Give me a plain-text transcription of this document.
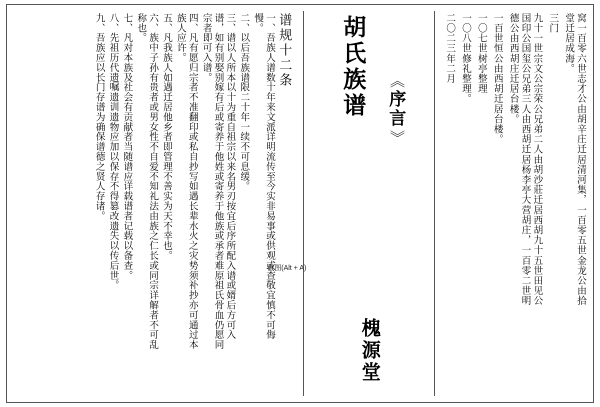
窝一百零六世志才公由胡辛庄迁居清河集，一百零五世金龙公由拾堂迁居成海。
三门
九十一世宗文公宗荣公兄弟二人由胡沙莊迁居西胡九十五世田见公国印公国玺公兄弟三人由西胡迁居杨李亭大营胡庄，一百零二世明德公由西胡庄迁居台楼。
一百世恒公由西胡迁居台楼。
一〇七世树亭整理
一〇八世修礼整理。
二〇二三年二月
胡氏族谱 《
序言
》
槐源堂
截图(Alt + A)
谱规十二条
一、吾族人谱数十年来文派详明流传至今实非易事或供观或查敬宜慎不可侮慢。
二、以后吾族谱限二十年一续不可息缓。
三、谱以人所本以十为重自祖宗以来名男刃按宜后序所配入谱或婿后方可入谱，如有别娶别嫁有后或寄养于他姓或寄养于他族或承者难原祖氏骨血仍愿同宗者即可入谱。
四、凡有愿归宗者不准翻印或私自抄写如遇长辈水火之灾势须补抄亦可通过本族人应许。
五、凡我族人如遇迁居他乡者即管理不善实为天不幸也。
六、族中子孙有贵者或男女性不自爱不知礼法由族之仁长或同宗详解者不可乱称也。
七、凡对本族及社会有贡献者当随谱应详载谱者记载以备查。
八、先祖历代遗嘱遗训遗物应加以保存不得篡改遗失以传后世。
九、吾族应以长门存谱为确保谱德之贤人存诸。
